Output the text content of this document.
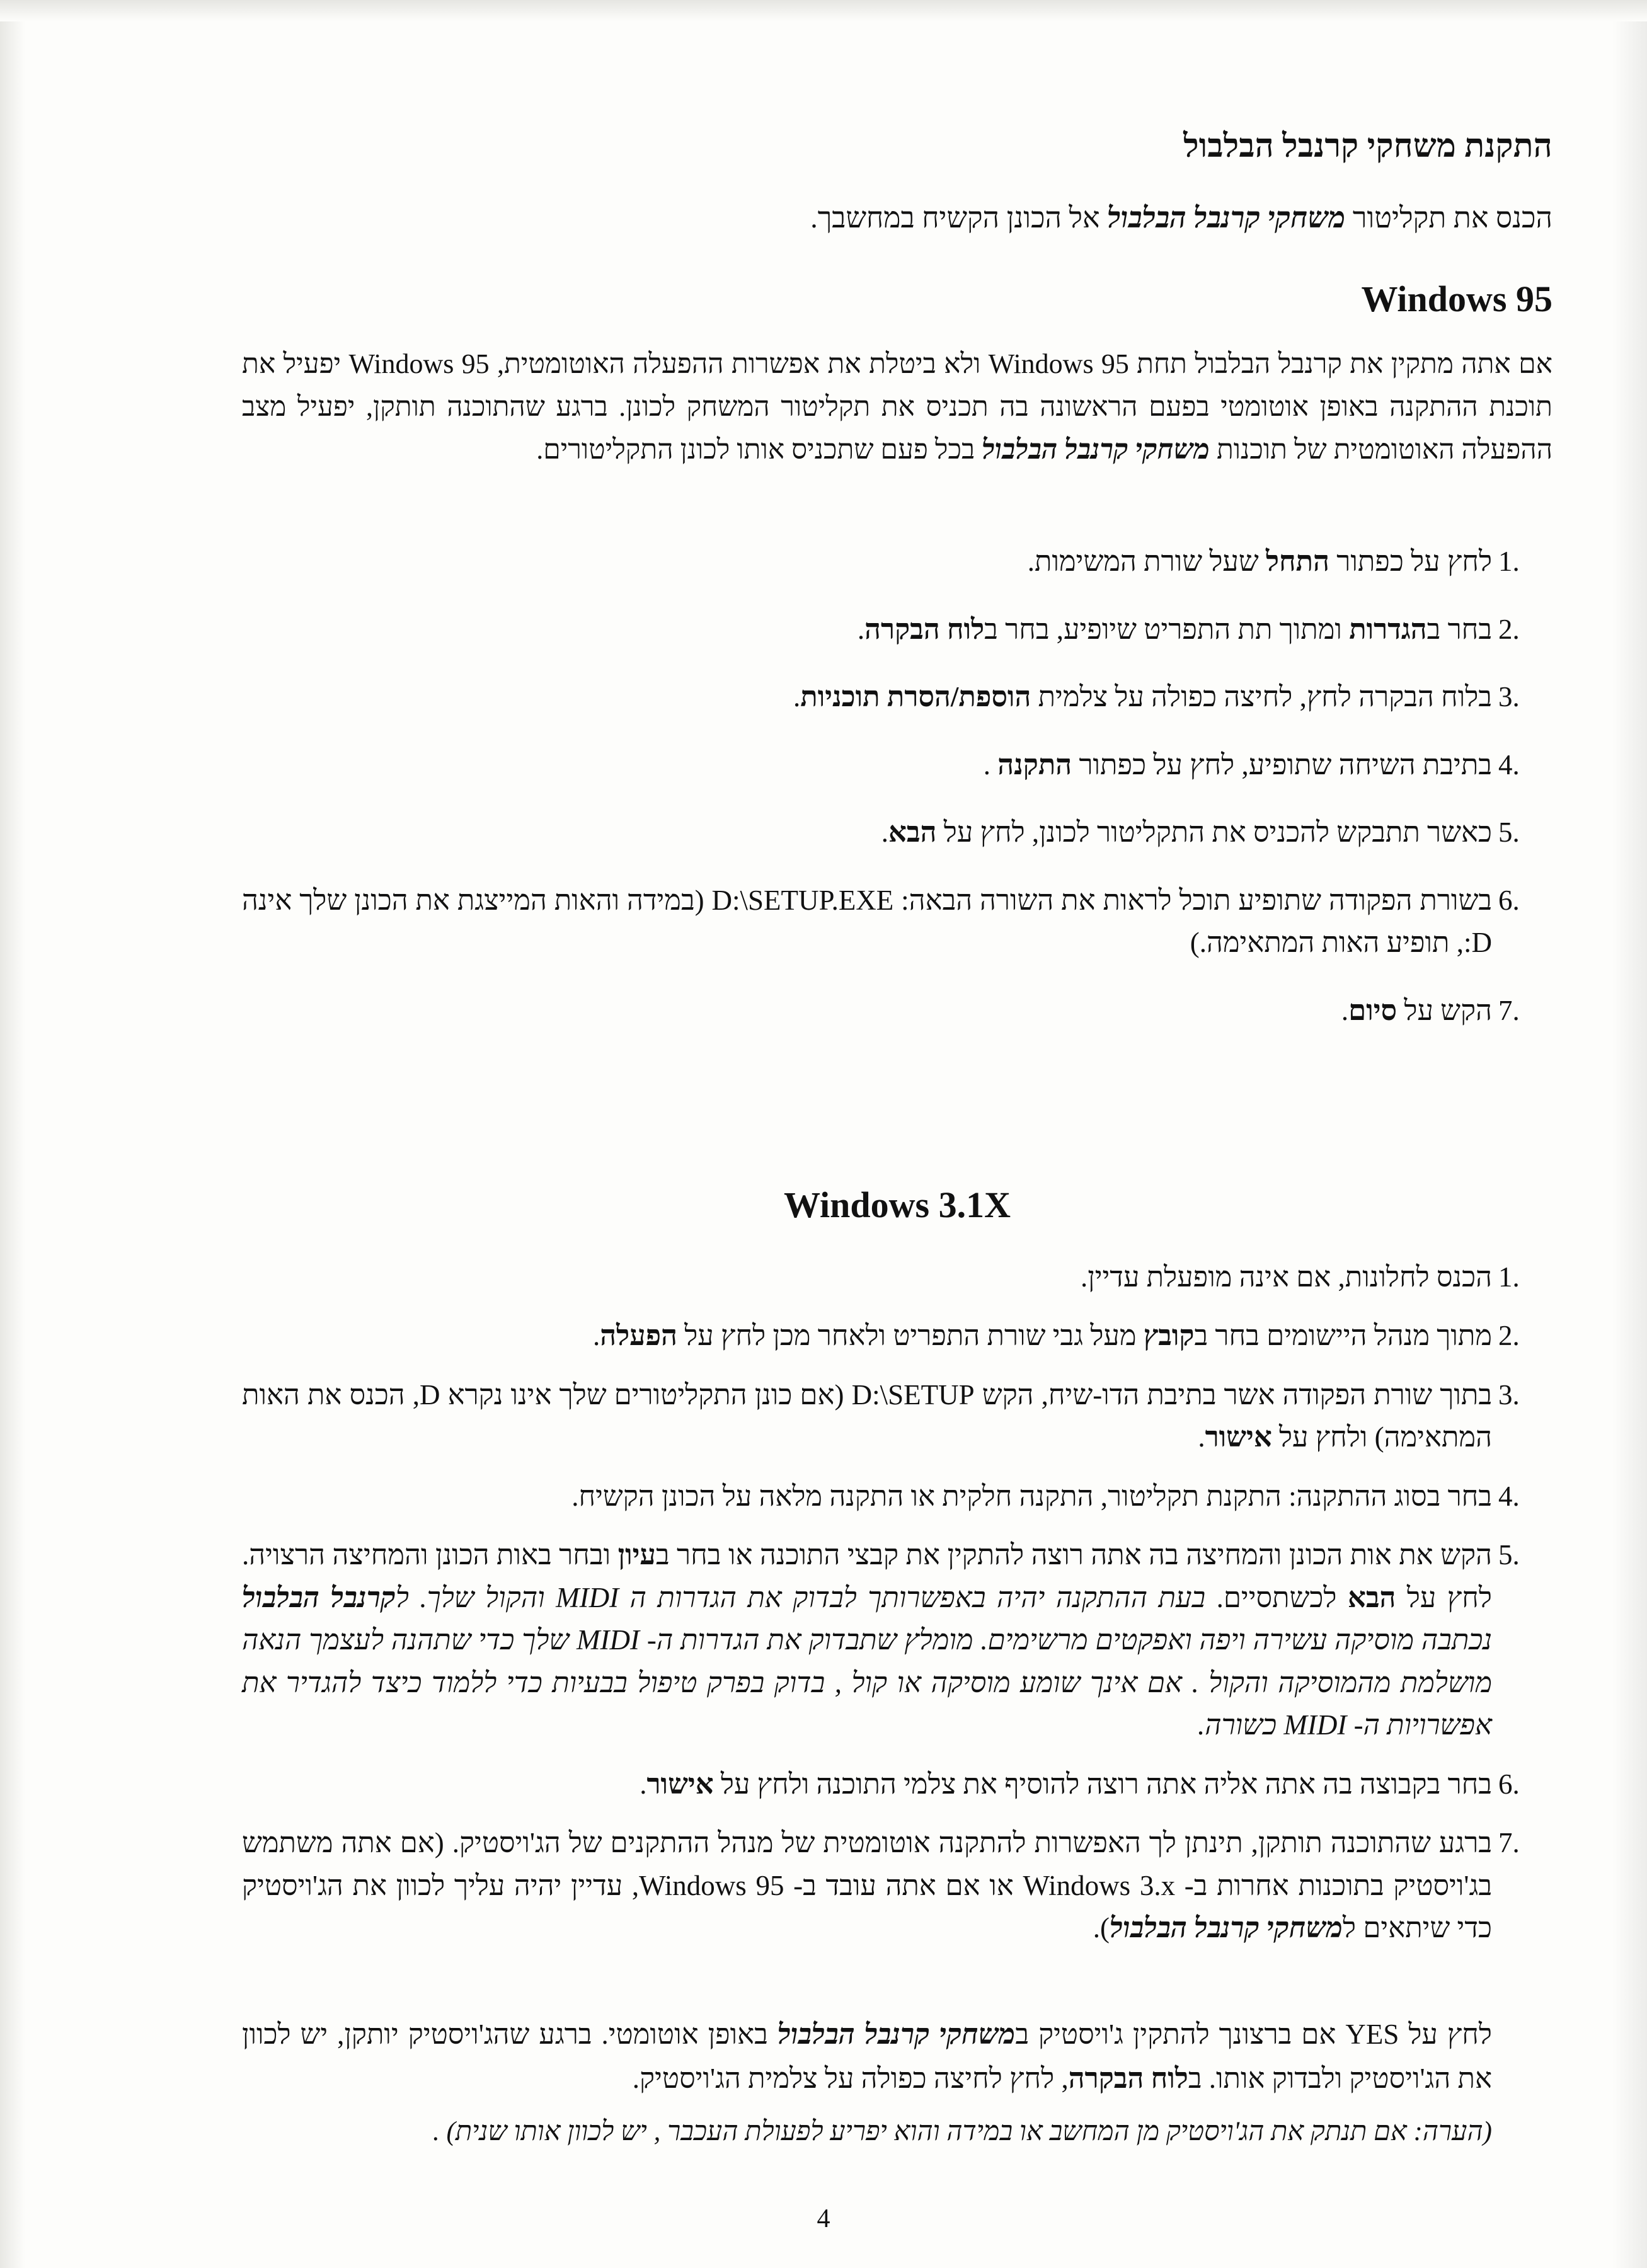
התקנת משחקי קרנבל הבלבול

הכנס את תקליטור משחקי קרנבל הבלבול אל הכונן הקשיח במחשבך.

Windows 95

אם אתה מתקין את קרנבל הבלבול תחת Windows 95 ולא ביטלת את אפשרות ההפעלה האוטומטית, Windows 95 יפעיל את תוכנת ההתקנה באופן אוטומטי בפעם הראשונה בה תכניס את תקליטור המשחק לכונן. ברגע שהתוכנה תותקן, יפעיל מצב ההפעלה האוטומטית של תוכנות משחקי קרנבל הבלבול בכל פעם שתכניס אותו לכונן התקליטורים.

לחץ על כפתור התחל שעל שורת המשימות.
בחר בהגדרות ומתוך תת התפריט שיופיע, בחר בלוח הבקרה.
בלוח הבקרה לחץ, לחיצה כפולה על צלמית הוספת/הסרת תוכניות.
בתיבת השיחה שתופיע, לחץ על כפתור התקנה .
כאשר תתבקש להכניס את התקליטור לכונן, לחץ על הבא.
בשורת הפקודה שתופיע תוכל לראות את השורה הבאה: D:\SETUP.EXE (במידה והאות המייצגת את הכונן שלך אינה :D, תופיע האות המתאימה.)
הקש על סיום.
Windows 3.1X
הכנס לחלונות, אם אינה מופעלת עדיין.
מתוך מנהל היישומים בחר בקובץ מעל גבי שורת התפריט ולאחר מכן לחץ על הפעלה.
בתוך שורת הפקודה אשר בתיבת הדו-שיח, הקש D:\SETUP (אם כונן התקליטורים שלך אינו נקרא D, הכנס את האות המתאימה) ולחץ על אישור.
בחר בסוג ההתקנה: התקנת תקליטור, התקנה חלקית או התקנה מלאה על הכונן הקשיח.
הקש את אות הכונן והמחיצה בה אתה רוצה להתקין את קבצי התוכנה או בחר בעיון ובחר באות הכונן והמחיצה הרצויה. לחץ על הבא לכשתסיים. בעת ההתקנה יהיה באפשרותך לבדוק את הגדרות ה MIDI והקול שלך. לקרנבל הבלבול נכתבה מוסיקה עשירה ויפה ואפקטים מרשימים. מומלץ שתבדוק את הגדרות ה- MIDI שלך כדי שתהנה לעצמך הנאה מושלמת מהמוסיקה והקול . אם אינך שומע מוסיקה או קול , בדוק בפרק טיפול בבעיות כדי ללמוד כיצד להגדיר את אפשרויות ה- MIDI כשורה.
בחר בקבוצה בה אתה אליה אתה רוצה להוסיף את צלמי התוכנה ולחץ על אישור.
ברגע שהתוכנה תותקן, תינתן לך האפשרות להתקנה אוטומטית של מנהל ההתקנים של הג'ויסטיק. (אם אתה משתמש בג'ויסטיק בתוכנות אחרות ב- Windows 3.x או אם אתה עובד ב- Windows 95, עדיין יהיה עליך לכוון את הג'ויסטיק כדי שיתאים למשחקי קרנבל הבלבול).

לחץ על YES אם ברצונך להתקין ג'ויסטיק במשחקי קרנבל הבלבול באופן אוטומטי. ברגע שהג'ויסטיק יותקן, יש לכוון את הג'ויסטיק ולבדוק אותו. בלוח הבקרה, לחץ לחיצה כפולה על צלמית הג'ויסטיק.

(הערה: אם תנתק את הג'ויסטיק מן המחשב או במידה והוא יפריע לפעולת העכבר , יש לכוון אותו שנית) .

4
